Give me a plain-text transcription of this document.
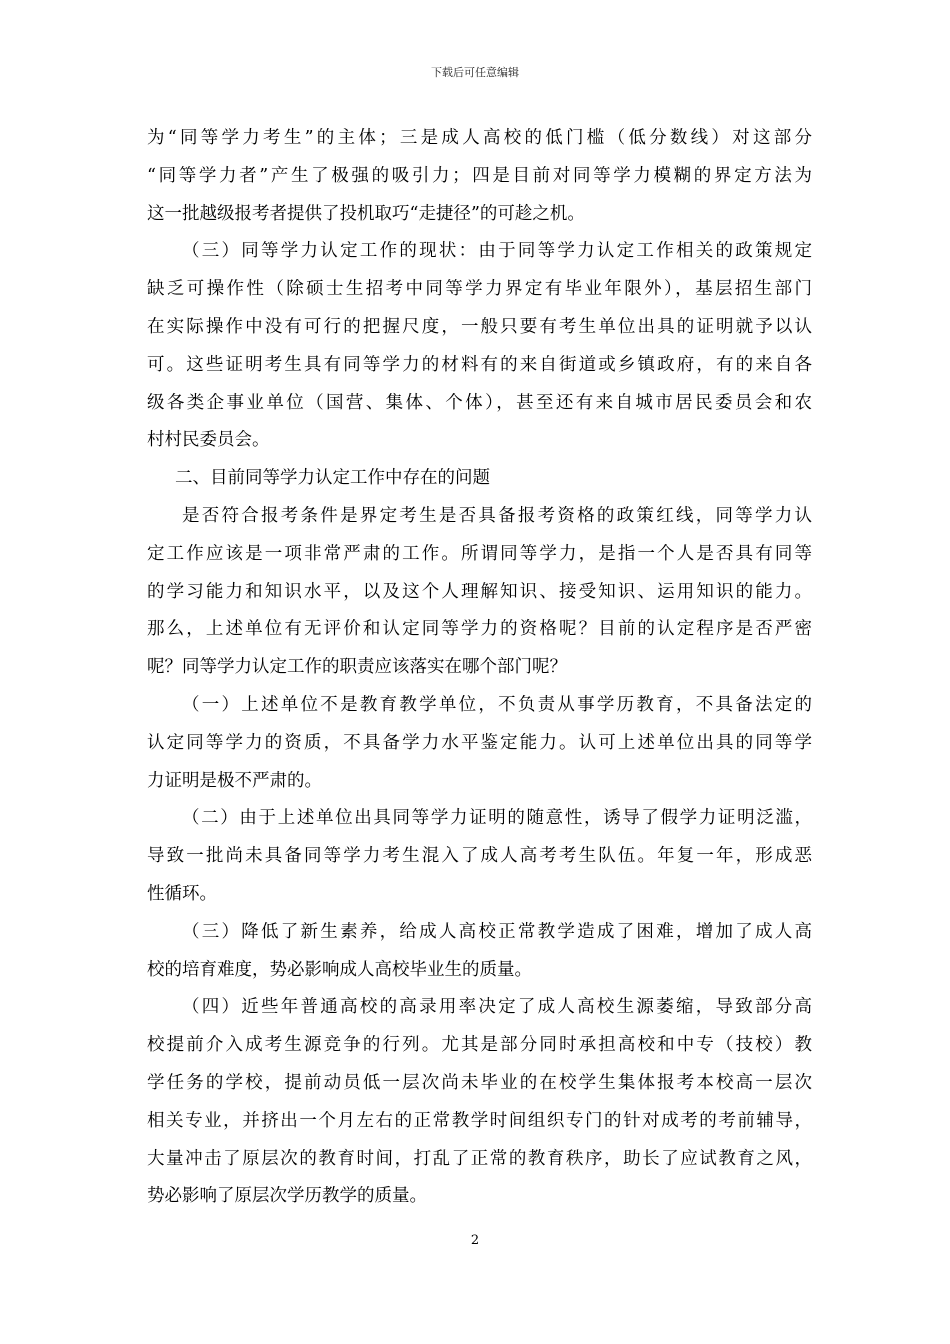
下载后可任意编辑
为“同等学力考生”的主体；三是成人高校的低门槛（低分数线）对这部分
“同等学力者”产生了极强的吸引力；四是目前对同等学力模糊的界定方法为
这一批越级报考者提供了投机取巧“走捷径”的可趁之机。
（三）同等学力认定工作的现状：由于同等学力认定工作相关的政策规定
缺乏可操作性（除硕士生招考中同等学力界定有毕业年限外），基层招生部门
在实际操作中没有可行的把握尺度，一般只要有考生单位出具的证明就予以认
可。这些证明考生具有同等学力的材料有的来自街道或乡镇政府，有的来自各
级各类企事业单位（国营、集体、个体），甚至还有来自城市居民委员会和农
村村民委员会。
二、目前同等学力认定工作中存在的问题
是否符合报考条件是界定考生是否具备报考资格的政策红线，同等学力认
定工作应该是一项非常严肃的工作。所谓同等学力，是指一个人是否具有同等
的学习能力和知识水平，以及这个人理解知识、接受知识、运用知识的能力。
那么，上述单位有无评价和认定同等学力的资格呢？目前的认定程序是否严密
呢？同等学力认定工作的职责应该落实在哪个部门呢？
（一）上述单位不是教育教学单位，不负责从事学历教育，不具备法定的
认定同等学力的资质，不具备学力水平鉴定能力。认可上述单位出具的同等学
力证明是极不严肃的。
（二）由于上述单位出具同等学力证明的随意性，诱导了假学力证明泛滥，
导致一批尚未具备同等学力考生混入了成人高考考生队伍。年复一年，形成恶
性循环。
（三）降低了新生素养，给成人高校正常教学造成了困难，增加了成人高
校的培育难度，势必影响成人高校毕业生的质量。
（四）近些年普通高校的高录用率决定了成人高校生源萎缩，导致部分高
校提前介入成考生源竞争的行列。尤其是部分同时承担高校和中专（技校）教
学任务的学校，提前动员低一层次尚未毕业的在校学生集体报考本校高一层次
相关专业，并挤出一个月左右的正常教学时间组织专门的针对成考的考前辅导，
大量冲击了原层次的教育时间，打乱了正常的教育秩序，助长了应试教育之风，
势必影响了原层次学历教学的质量。
2
